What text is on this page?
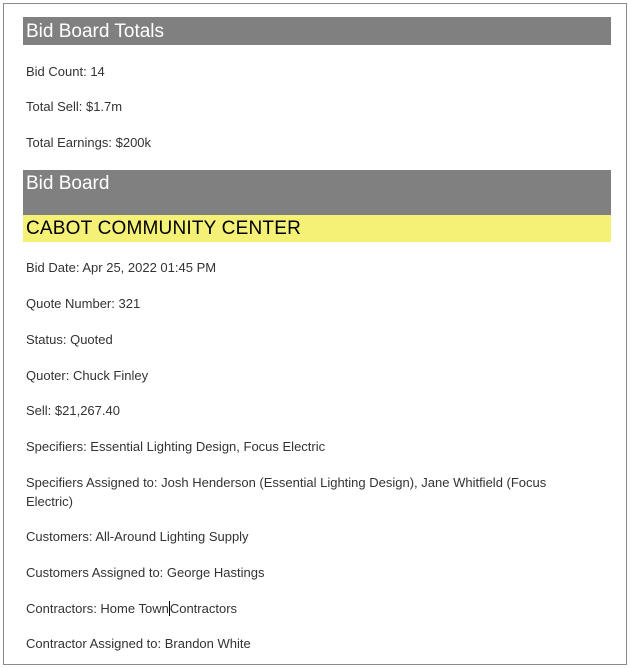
Bid Board Totals
Bid Count: 14
Total Sell: $1.7m
Total Earnings: $200k
Bid Board
CABOT COMMUNITY CENTER
Bid Date: Apr 25, 2022 01:45 PM
Quote Number: 321
Status: Quoted
Quoter: Chuck Finley
Sell: $21,267.40
Specifiers: Essential Lighting Design, Focus Electric
Specifiers Assigned to: Josh Henderson (Essential Lighting Design), Jane Whitfield (Focus Electric)
Customers: All-Around Lighting Supply
Customers Assigned to: George Hastings
Contractors: Home TownContractors
Contractor Assigned to: Brandon White
